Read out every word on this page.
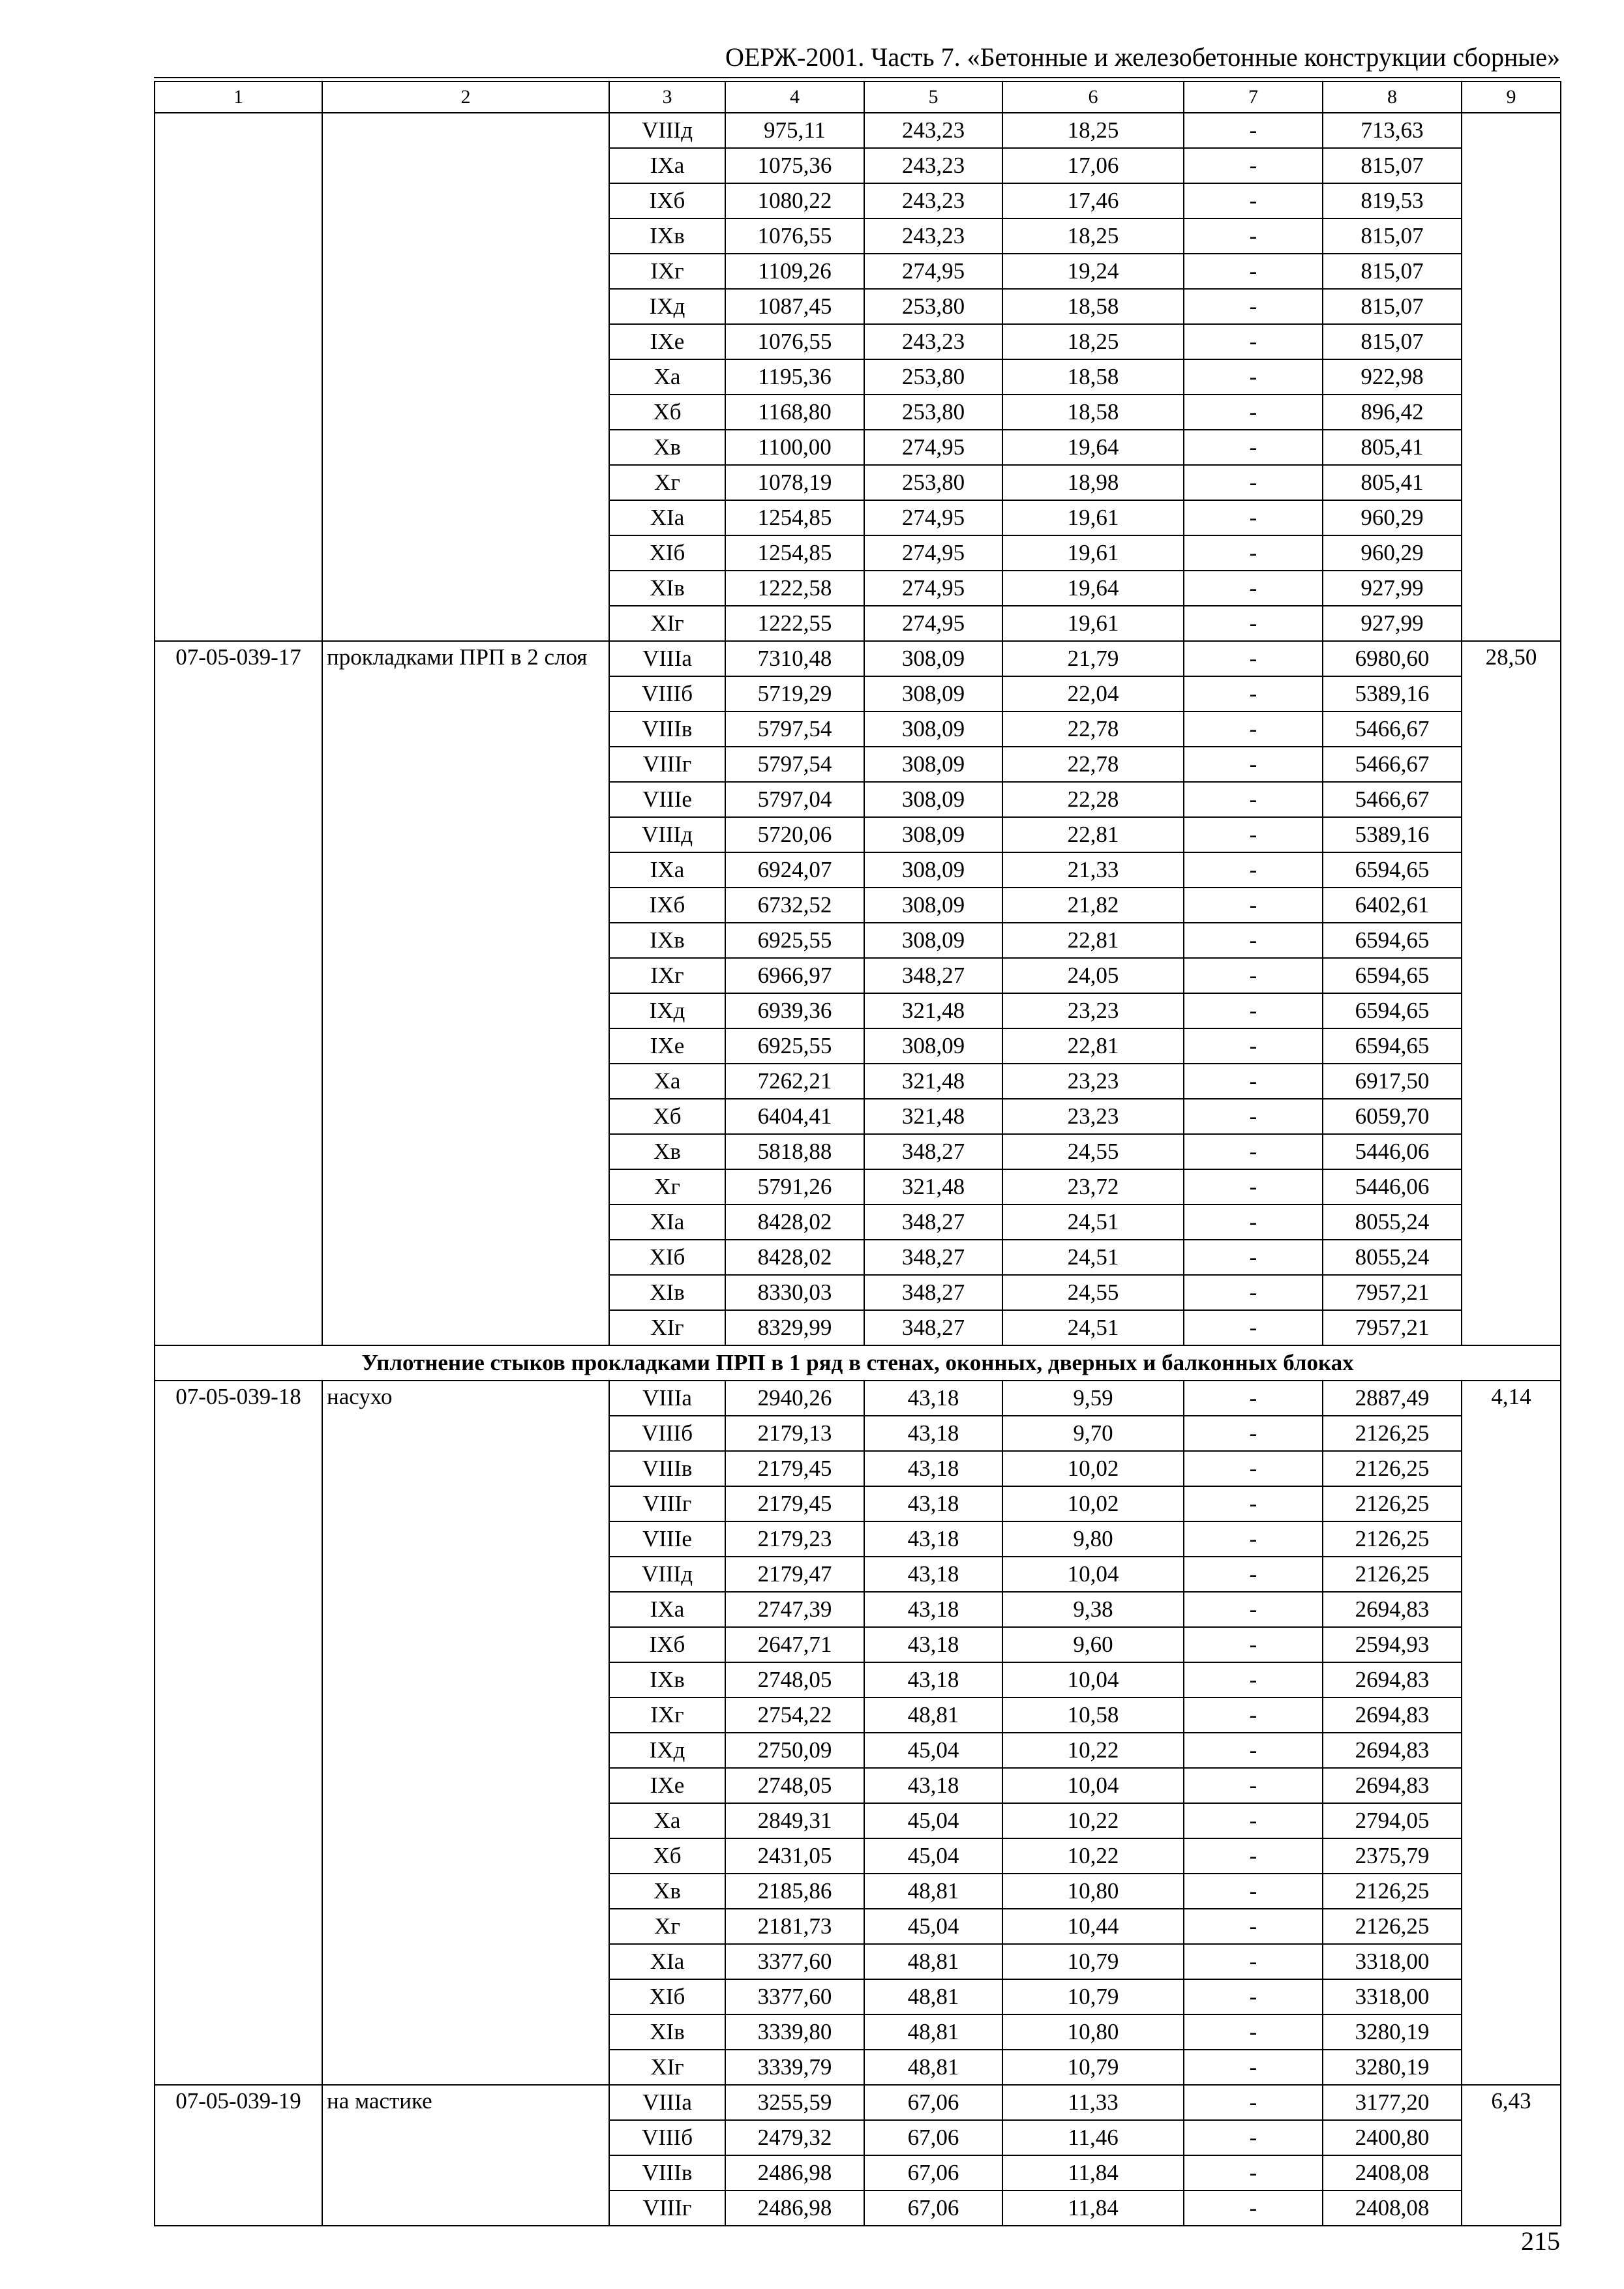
ОЕРЖ-2001. Часть 7. «Бетонные и железобетонные конструкции сборные»
1	2	3	4	5	6	7	8	9
		VIIIд	975,11	243,23	18,25	-	713,63	
		IXа	1075,36	243,23	17,06	-	815,07	
		IXб	1080,22	243,23	17,46	-	819,53	
		IXв	1076,55	243,23	18,25	-	815,07	
		IXг	1109,26	274,95	19,24	-	815,07	
		IXд	1087,45	253,80	18,58	-	815,07	
		IXе	1076,55	243,23	18,25	-	815,07	
		Xа	1195,36	253,80	18,58	-	922,98	
		Xб	1168,80	253,80	18,58	-	896,42	
		Xв	1100,00	274,95	19,64	-	805,41	
		Xг	1078,19	253,80	18,98	-	805,41	
		XIа	1254,85	274,95	19,61	-	960,29	
		XIб	1254,85	274,95	19,61	-	960,29	
		XIв	1222,58	274,95	19,64	-	927,99	
		XIг	1222,55	274,95	19,61	-	927,99	
07-05-039-17	прокладками ПРП в 2 слоя	VIIIа	7310,48	308,09	21,79	-	6980,60	28,50
		VIIIб	5719,29	308,09	22,04	-	5389,16	
		VIIIв	5797,54	308,09	22,78	-	5466,67	
		VIIIг	5797,54	308,09	22,78	-	5466,67	
		VIIIе	5797,04	308,09	22,28	-	5466,67	
		VIIIд	5720,06	308,09	22,81	-	5389,16	
		IXа	6924,07	308,09	21,33	-	6594,65	
		IXб	6732,52	308,09	21,82	-	6402,61	
		IXв	6925,55	308,09	22,81	-	6594,65	
		IXг	6966,97	348,27	24,05	-	6594,65	
		IXд	6939,36	321,48	23,23	-	6594,65	
		IXе	6925,55	308,09	22,81	-	6594,65	
		Xа	7262,21	321,48	23,23	-	6917,50	
		Xб	6404,41	321,48	23,23	-	6059,70	
		Xв	5818,88	348,27	24,55	-	5446,06	
		Xг	5791,26	321,48	23,72	-	5446,06	
		XIа	8428,02	348,27	24,51	-	8055,24	
		XIб	8428,02	348,27	24,51	-	8055,24	
		XIв	8330,03	348,27	24,55	-	7957,21	
		XIг	8329,99	348,27	24,51	-	7957,21	
Уплотнение стыков прокладками ПРП в 1 ряд в стенах, оконных, дверных и балконных блоках								
07-05-039-18	насухо	VIIIа	2940,26	43,18	9,59	-	2887,49	4,14
		VIIIб	2179,13	43,18	9,70	-	2126,25	
		VIIIв	2179,45	43,18	10,02	-	2126,25	
		VIIIг	2179,45	43,18	10,02	-	2126,25	
		VIIIе	2179,23	43,18	9,80	-	2126,25	
		VIIIд	2179,47	43,18	10,04	-	2126,25	
		IXа	2747,39	43,18	9,38	-	2694,83	
		IXб	2647,71	43,18	9,60	-	2594,93	
		IXв	2748,05	43,18	10,04	-	2694,83	
		IXг	2754,22	48,81	10,58	-	2694,83	
		IXд	2750,09	45,04	10,22	-	2694,83	
		IXе	2748,05	43,18	10,04	-	2694,83	
		Xа	2849,31	45,04	10,22	-	2794,05	
		Xб	2431,05	45,04	10,22	-	2375,79	
		Xв	2185,86	48,81	10,80	-	2126,25	
		Xг	2181,73	45,04	10,44	-	2126,25	
		XIа	3377,60	48,81	10,79	-	3318,00	
		XIб	3377,60	48,81	10,79	-	3318,00	
		XIв	3339,80	48,81	10,80	-	3280,19	
		XIг	3339,79	48,81	10,79	-	3280,19	
07-05-039-19	на мастике	VIIIа	3255,59	67,06	11,33	-	3177,20	6,43
		VIIIб	2479,32	67,06	11,46	-	2400,80	
		VIIIв	2486,98	67,06	11,84	-	2408,08	
		VIIIг	2486,98	67,06	11,84	-	2408,08	
215
